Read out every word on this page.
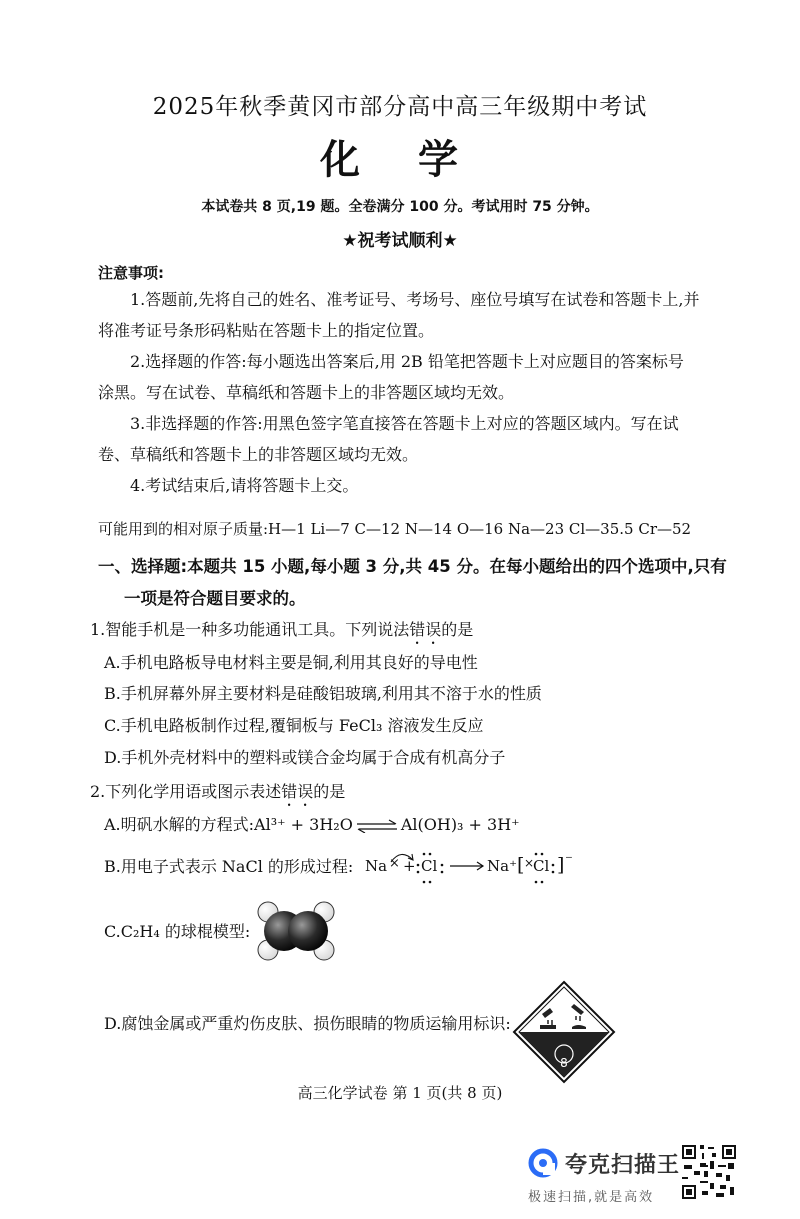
2025年秋季黄冈市部分高中高三年级期中考试
化 学
本试卷共 8 页,19 题。全卷满分 100 分。考试用时 75 分钟。
★祝考试顺利★
注意事项:
1.答题前,先将自己的姓名、准考证号、考场号、座位号填写在试卷和答题卡上,并
将准考证号条形码粘贴在答题卡上的指定位置。
2.选择题的作答:每小题选出答案后,用 2B 铅笔把答题卡上对应题目的答案标号
涂黑。写在试卷、草稿纸和答题卡上的非答题区域均无效。
3.非选择题的作答:用黑色签字笔直接答在答题卡上对应的答题区域内。写在试
卷、草稿纸和答题卡上的非答题区域均无效。
4.考试结束后,请将答题卡上交。
可能用到的相对原子质量:H—1 Li—7 C—12 N—14 O—16 Na—23 Cl—35.5 Cr—52
一、选择题:本题共 15 小题,每小题 3 分,共 45 分。在每小题给出的四个选项中,只有
一项是符合题目要求的。
1.智能手机是一种多功能通讯工具。下列说法错误的是
A.手机电路板导电材料主要是铜,利用其良好的导电性
B.手机屏幕外屏主要材料是硅酸铝玻璃,利用其不溶于水的性质
C.手机电路板制作过程,覆铜板与 FeCl₃ 溶液发生反应
D.手机外壳材料中的塑料或镁合金均属于合成有机高分子
2.下列化学用语或图示表述错误的是
A.明矾水解的方程式:Al³⁺ + 3H₂O ⇌ Al(OH)₃ + 3H⁺
B.用电子式表示 NaCl 的形成过程: Na × + Cl → Na⁺ [ ×
Cl ] ⁻
C.C₂H₄ 的球棍模型:
D.腐蚀金属或严重灼伤皮肤、损伤眼睛的物质运输用标识:
8
高三化学试卷 第 1 页(共 8 页)
夸克扫描王
极速扫描,就是高效
